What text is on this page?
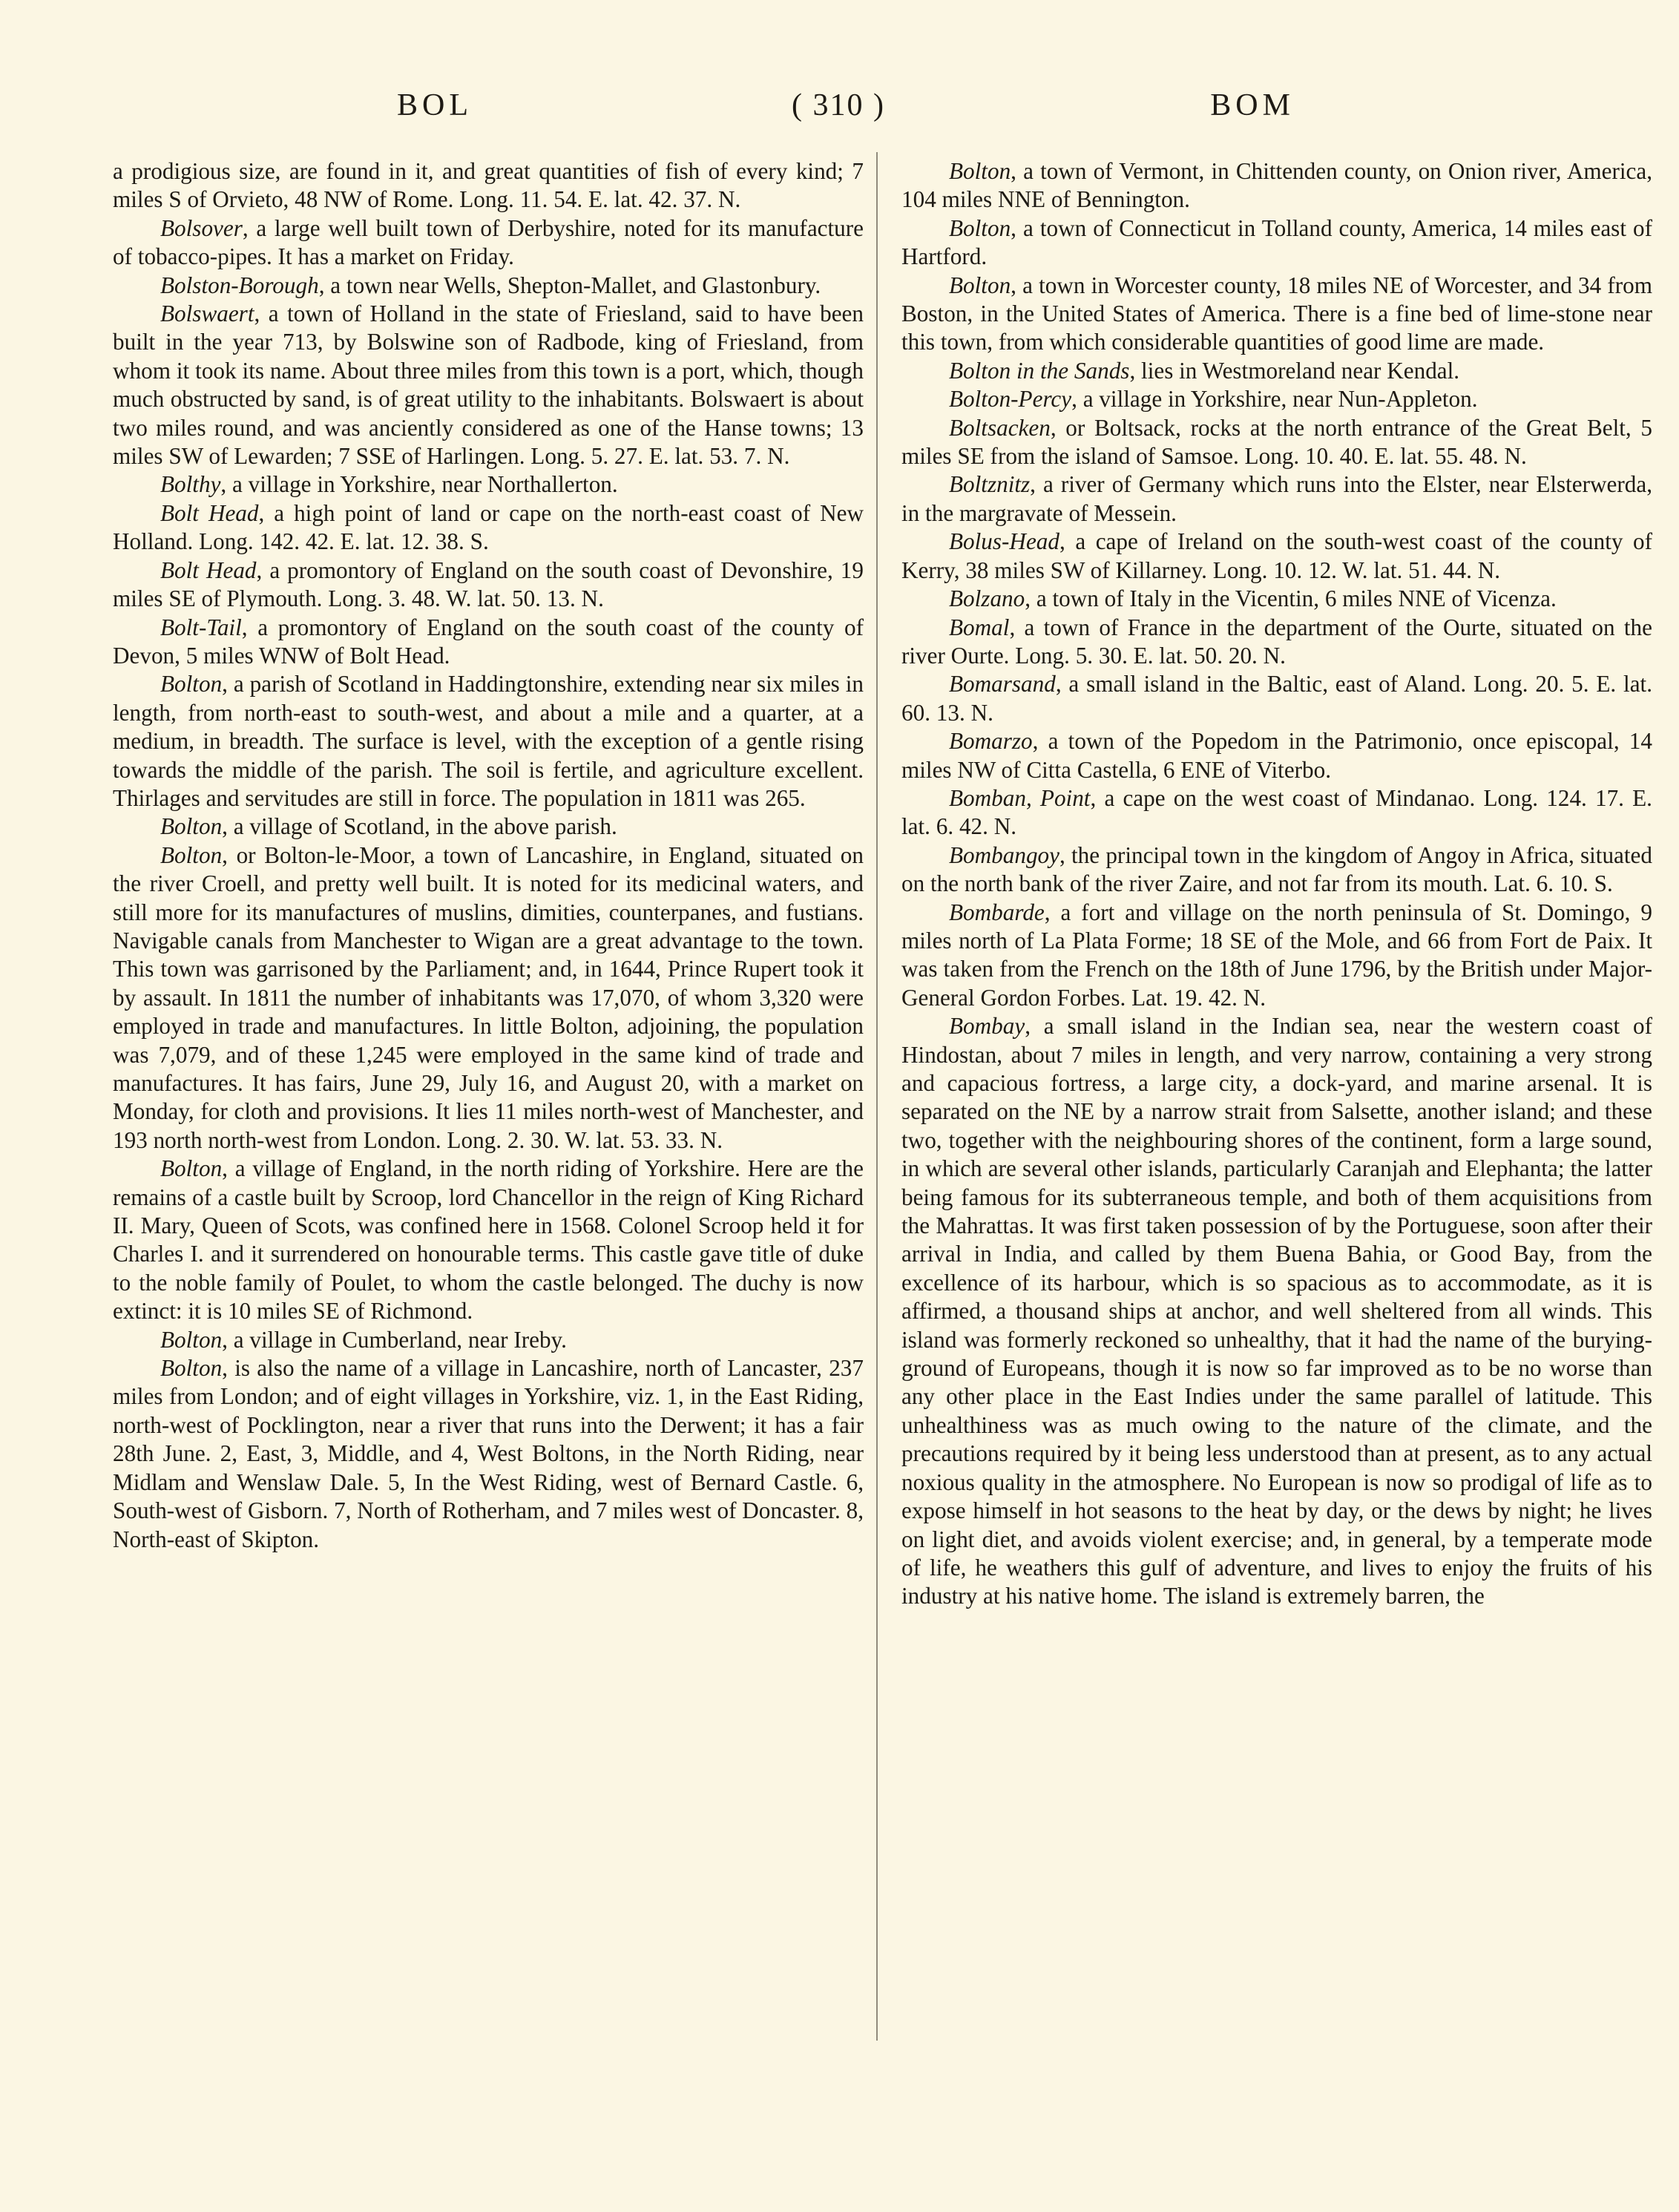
BOL	( 310 )	BOM

a prodigious size, are found in it, and great quantities of fish of every kind; 7 miles S of Orvieto, 48 NW of Rome. Long. 11. 54. E. lat. 42. 37. N.

Bolsover, a large well built town of Derbyshire, noted for its manufacture of tobacco-pipes. It has a market on Friday.

Bolston-Borough, a town near Wells, Shepton-Mallet, and Glastonbury.

Bolswaert, a town of Holland in the state of Friesland, said to have been built in the year 713, by Bolswine son of Radbode, king of Friesland, from whom it took its name. About three miles from this town is a port, which, though much obstructed by sand, is of great utility to the inhabitants. Bolswaert is about two miles round, and was anciently considered as one of the Hanse towns; 13 miles SW of Lewarden; 7 SSE of Harlingen. Long. 5. 27. E. lat. 53. 7. N.

Bolthy, a village in Yorkshire, near Northallerton.

Bolt Head, a high point of land or cape on the north-east coast of New Holland. Long. 142. 42. E. lat. 12. 38. S.

Bolt Head, a promontory of England on the south coast of Devonshire, 19 miles SE of Plymouth. Long. 3. 48. W. lat. 50. 13. N.

Bolt-Tail, a promontory of England on the south coast of the county of Devon, 5 miles WNW of Bolt Head.

Bolton, a parish of Scotland in Haddingtonshire, extending near six miles in length, from north-east to south-west, and about a mile and a quarter, at a medium, in breadth. The surface is level, with the exception of a gentle rising towards the middle of the parish. The soil is fertile, and agriculture excellent. Thirlages and servitudes are still in force. The population in 1811 was 265.

Bolton, a village of Scotland, in the above parish.

Bolton, or Bolton-le-Moor, a town of Lancashire, in England, situated on the river Croell, and pretty well built. It is noted for its medicinal waters, and still more for its manufactures of muslins, dimities, counterpanes, and fustians. Navigable canals from Manchester to Wigan are a great advantage to the town. This town was garrisoned by the Parliament; and, in 1644, Prince Rupert took it by assault. In 1811 the number of inhabitants was 17,070, of whom 3,320 were employed in trade and manufactures. In little Bolton, adjoining, the population was 7,079, and of these 1,245 were employed in the same kind of trade and manufactures. It has fairs, June 29, July 16, and August 20, with a market on Monday, for cloth and provisions. It lies 11 miles north-west of Manchester, and 193 north north-west from London. Long. 2. 30. W. lat. 53. 33. N.

Bolton, a village of England, in the north riding of Yorkshire. Here are the remains of a castle built by Scroop, lord Chancellor in the reign of King Richard II. Mary, Queen of Scots, was confined here in 1568. Colonel Scroop held it for Charles I. and it surrendered on honourable terms. This castle gave title of duke to the noble family of Poulet, to whom the castle belonged. The duchy is now extinct: it is 10 miles SE of Richmond.

Bolton, a village in Cumberland, near Ireby.

Bolton, is also the name of a village in Lancashire, north of Lancaster, 237 miles from London; and of eight villages in Yorkshire, viz. 1, in the East Riding, north-west of Pocklington, near a river that runs into the Derwent; it has a fair 28th June. 2, East, 3, Middle, and 4, West Boltons, in the North Riding, near Midlam and Wenslaw Dale. 5, In the West Riding, west of Bernard Castle. 6, South-west of Gisborn. 7, North of Rotherham, and 7 miles west of Doncaster. 8, North-east of Skipton.

Bolton, a town of Vermont, in Chittenden county, on Onion river, America, 104 miles NNE of Bennington.

Bolton, a town of Connecticut in Tolland county, America, 14 miles east of Hartford.

Bolton, a town in Worcester county, 18 miles NE of Worcester, and 34 from Boston, in the United States of America. There is a fine bed of lime-stone near this town, from which considerable quantities of good lime are made.

Bolton in the Sands, lies in Westmoreland near Kendal.

Bolton-Percy, a village in Yorkshire, near Nun-Appleton.

Boltsacken, or Boltsack, rocks at the north entrance of the Great Belt, 5 miles SE from the island of Samsoe. Long. 10. 40. E. lat. 55. 48. N.

Boltznitz, a river of Germany which runs into the Elster, near Elsterwerda, in the margravate of Messein.

Bolus-Head, a cape of Ireland on the south-west coast of the county of Kerry, 38 miles SW of Killarney. Long. 10. 12. W. lat. 51. 44. N.

Bolzano, a town of Italy in the Vicentin, 6 miles NNE of Vicenza.

Bomal, a town of France in the department of the Ourte, situated on the river Ourte. Long. 5. 30. E. lat. 50. 20. N.

Bomarsand, a small island in the Baltic, east of Aland. Long. 20. 5. E. lat. 60. 13. N.

Bomarzo, a town of the Popedom in the Patrimonio, once episcopal, 14 miles NW of Citta Castella, 6 ENE of Viterbo.

Bomban, Point, a cape on the west coast of Mindanao. Long. 124. 17. E. lat. 6. 42. N.

Bombangoy, the principal town in the kingdom of Angoy in Africa, situated on the north bank of the river Zaire, and not far from its mouth. Lat. 6. 10. S.

Bombarde, a fort and village on the north peninsula of St. Domingo, 9 miles north of La Plata Forme; 18 SE of the Mole, and 66 from Fort de Paix. It was taken from the French on the 18th of June 1796, by the British under Major-General Gordon Forbes. Lat. 19. 42. N.

Bombay, a small island in the Indian sea, near the western coast of Hindostan, about 7 miles in length, and very narrow, containing a very strong and capacious fortress, a large city, a dock-yard, and marine arsenal. It is separated on the NE by a narrow strait from Salsette, another island; and these two, together with the neighbouring shores of the continent, form a large sound, in which are several other islands, particularly Caranjah and Elephanta; the latter being famous for its subterraneous temple, and both of them acquisitions from the Mahrattas. It was first taken possession of by the Portuguese, soon after their arrival in India, and called by them Buena Bahia, or Good Bay, from the excellence of its harbour, which is so spacious as to accommodate, as it is affirmed, a thousand ships at anchor, and well sheltered from all winds. This island was formerly reckoned so unhealthy, that it had the name of the burying-ground of Europeans, though it is now so far improved as to be no worse than any other place in the East Indies under the same parallel of latitude. This unhealthiness was as much owing to the nature of the climate, and the precautions required by it being less understood than at present, as to any actual noxious quality in the atmosphere. No European is now so prodigal of life as to expose himself in hot seasons to the heat by day, or the dews by night; he lives on light diet, and avoids violent exercise; and, in general, by a temperate mode of life, he weathers this gulf of adventure, and lives to enjoy the fruits of his industry at his native home. The island is extremely barren, the
